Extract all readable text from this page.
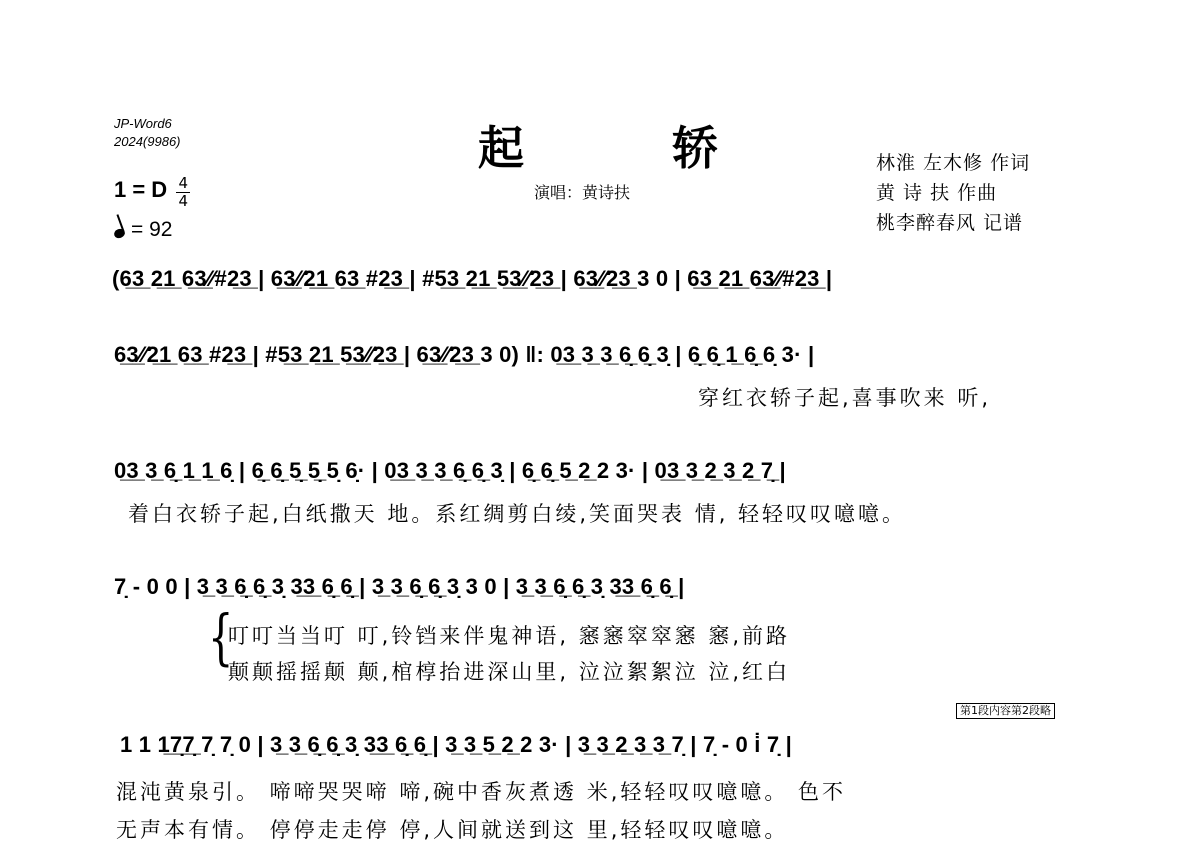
JP-Word6
2024(9986)	起	轿
演唱：黄诗扶
林淮 左木修 作词
黄 诗 扶 作曲
桃李醉春风 记谱
1 = D $\frac{4}{4}$
= 92
(6̲3̲ 2̲1̲ 6̲3̲⁄⁄#2̲3̲ | 6̲3̲⁄⁄2̲1̲ 6̲3̲ #2̲3̲ | #5̲3̲ 2̲1̲ 5̲3̲⁄⁄2̲3̲ | 6̲3̲⁄⁄2̲3̲ 3 0 | 6̲3̲ 2̲1̲ 6̲3̲⁄⁄#2̲3̲ |
6̲3̲⁄⁄2̲1̲ 6̲3̲ #2̲3̲ | #5̲3̲ 2̲1̲ 5̲3̲⁄⁄2̲3̲ | 6̲3̲⁄⁄2̲3̲ 3 0) ‖: 0̲3̲ 3̲ 3̲ 6̣̲ 6̣̲ 3̣ | 6̣̲ 6̣̲ 1̲ 6̣̲ 6̣ 3· |
穿红衣轿子起,喜事吹来 听,
0̲3̲ 3̲ 6̣̲ 1̲ 1̲ 6̣ | 6̣̲ 6̣̲ 5̣̲ 5̣̲ 5̣ 6̣· | 0̲3̲ 3̲ 3̲ 6̣̲ 6̣̲ 3̣ | 6̣̲ 6̣̲ 5̲ 2̲ 2 3· | 0̲3̲ 3̲ 2̲ 3̲ 2̲ 7̣̲ |
着白衣轿子起,白纸撒天 地。系红绸剪白绫,笑面哭表 情, 轻轻叹叹噫噫。
7̣ - 0 0 | 3̲ 3̲ 6̣̲ 6̣̲ 3̣ 3̲3̲ 6̣̲ 6̣̲ | 3̲ 3̲ 6̣̲ 6̣̲ 3̣ 3 0 | 3̲ 3̲ 6̣̲ 6̣̲ 3̣ 3̲3̲ 6̣̲ 6̣̲ |
{
叮叮当当叮 叮,铃铛来伴鬼神语, 窸窸窣窣窸 窸,前路
颠颠摇摇颠 颠,棺椁抬进深山里, 泣泣絮絮泣 泣,红白
第1段内容第2段略
1 1 1̲7̣̲7̣̲ 7̣ 7̣ 0 | 3̲ 3̲ 6̣̲ 6̣̲ 3̣ 3̲3̲ 6̣̲ 6̣̲ | 3̲ 3̲ 5̲ 2̲ 2 3· | 3̲ 3̲ 2̲ 3̲ 3̲ 7̣ | 7̣ - 0 i̇ 7̣ |
混沌黄泉引。 啼啼哭哭啼 啼,碗中香灰煮透 米,轻轻叹叹噫噫。 色不
无声本有情。 停停走走停 停,人间就送到这 里,轻轻叹叹噫噫。
